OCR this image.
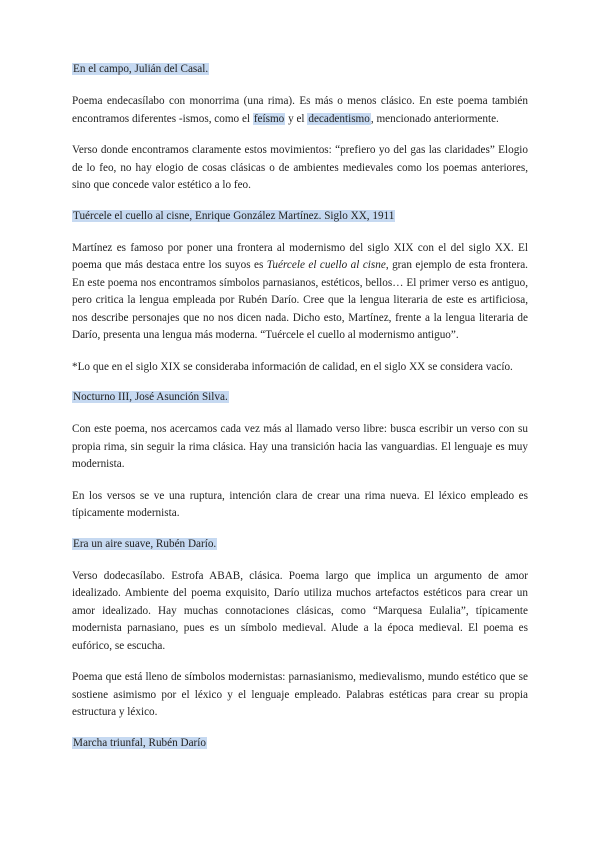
En el campo, Julián del Casal.

Poema endecasílabo con monorrima (una rima). Es más o menos clásico. En este poema también encontramos diferentes -ismos, como el feísmo y el decadentismo, mencionado anteriormente.

Verso donde encontramos claramente estos movimientos: “prefiero yo del gas las claridades” Elogio de lo feo, no hay elogio de cosas clásicas o de ambientes medievales como los poemas anteriores, sino que concede valor estético a lo feo.

Tuércele el cuello al cisne, Enrique González Martínez. Siglo XX, 1911

Martínez es famoso por poner una frontera al modernismo del siglo XIX con el del siglo XX. El poema que más destaca entre los suyos es Tuércele el cuello al cisne, gran ejemplo de esta frontera. En este poema nos encontramos símbolos parnasianos, estéticos, bellos… El primer verso es antiguo, pero critica la lengua empleada por Rubén Darío. Cree que la lengua literaria de este es artificiosa, nos describe personajes que no nos dicen nada. Dicho esto, Martínez, frente a la lengua literaria de Darío, presenta una lengua más moderna. “Tuércele el cuello al modernismo antiguo”.

*Lo que en el siglo XIX se consideraba información de calidad, en el siglo XX se considera vacío.

Nocturno III, José Asunción Silva.

Con este poema, nos acercamos cada vez más al llamado verso libre: busca escribir un verso con su propia rima, sin seguir la rima clásica. Hay una transición hacia las vanguardias. El lenguaje es muy modernista.

En los versos se ve una ruptura, intención clara de crear una rima nueva. El léxico empleado es típicamente modernista.

Era un aire suave, Rubén Darío.

Verso dodecasílabo. Estrofa ABAB, clásica. Poema largo que implica un argumento de amor idealizado. Ambiente del poema exquisito, Darío utiliza muchos artefactos estéticos para crear un amor idealizado. Hay muchas connotaciones clásicas, como “Marquesa Eulalia”, típicamente modernista parnasiano, pues es un símbolo medieval. Alude a la época medieval. El poema es eufórico, se escucha.

Poema que está lleno de símbolos modernistas: parnasianismo, medievalismo, mundo estético que se sostiene asimismo por el léxico y el lenguaje empleado. Palabras estéticas para crear su propia estructura y léxico.

Marcha triunfal, Rubén Darío
